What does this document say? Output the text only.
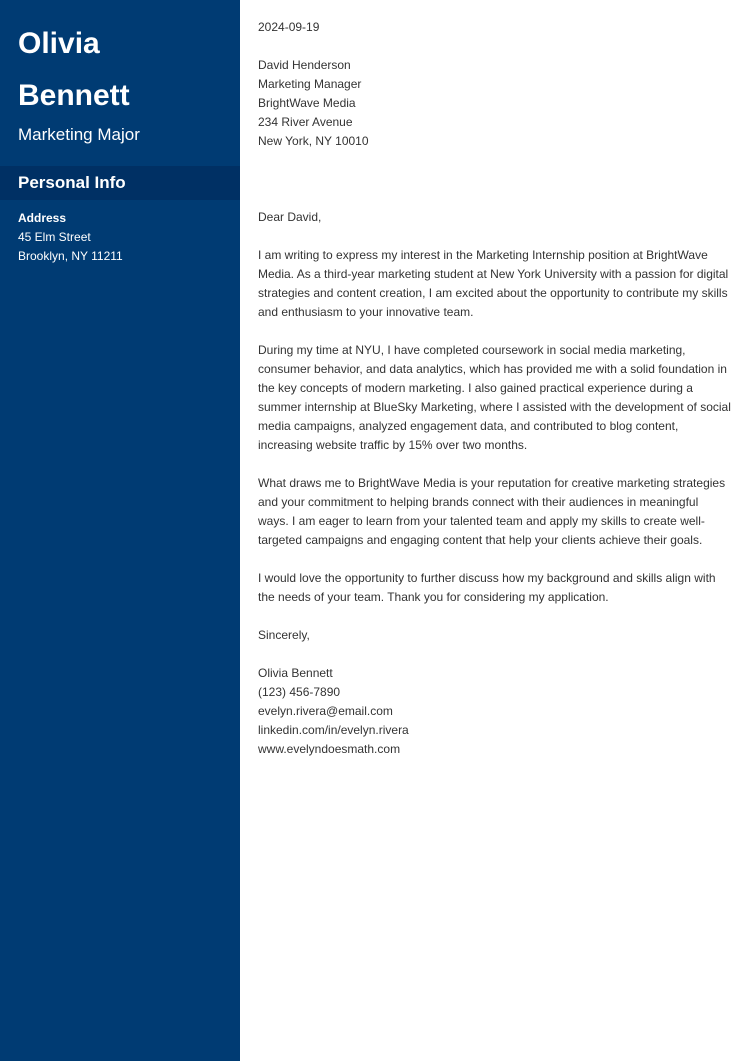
Olivia
Bennett
Marketing Major
Personal Info
Address
45 Elm Street
Brooklyn, NY 11211

2024-09-19

David Henderson
Marketing Manager
BrightWave Media
234 River Avenue
New York, NY 10010

Dear David,

I am writing to express my interest in the Marketing Internship position at BrightWave Media. As a third-year marketing student at New York University with a passion for digital strategies and content creation, I am excited about the opportunity to contribute my skills and enthusiasm to your innovative team.

During my time at NYU, I have completed coursework in social media marketing, consumer behavior, and data analytics, which has provided me with a solid foundation in the key concepts of modern marketing. I also gained practical experience during a summer internship at BlueSky Marketing, where I assisted with the development of social media campaigns, analyzed engagement data, and contributed to blog content, increasing website traffic by 15% over two months.

What draws me to BrightWave Media is your reputation for creative marketing strategies and your commitment to helping brands connect with their audiences in meaningful ways. I am eager to learn from your talented team and apply my skills to create well-targeted campaigns and engaging content that help your clients achieve their goals.

I would love the opportunity to further discuss how my background and skills align with the needs of your team. Thank you for considering my application.

Sincerely,

Olivia Bennett
(123) 456-7890
evelyn.rivera@email.com
linkedin.com/in/evelyn.rivera
www.evelyndoesmath.com
